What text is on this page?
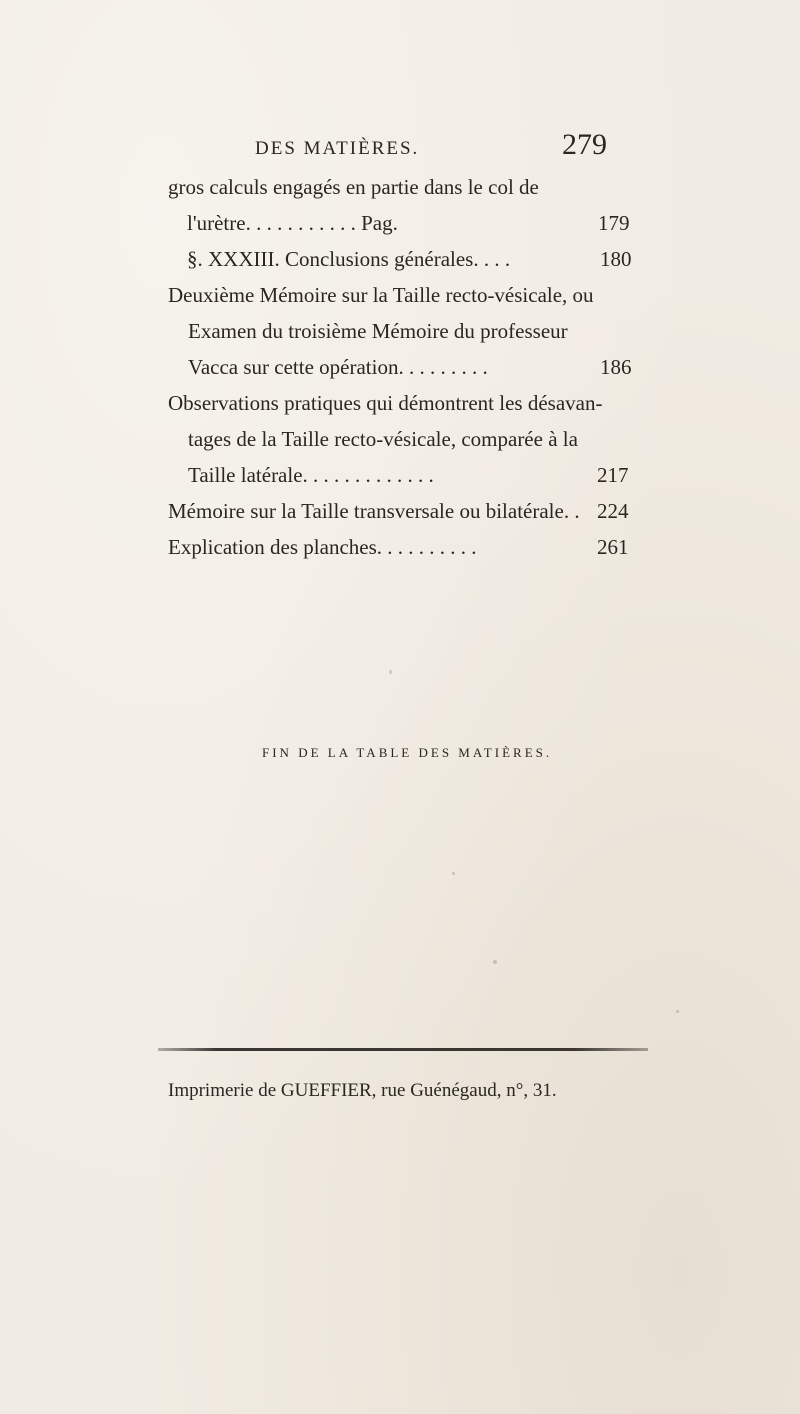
DES MATIÈRES.	279
gros calculs engagés en partie dans le col de
l'urètre. . . . . . . . . . . Pag.	179
§. XXXIII. Conclusions générales. . . .	180
Deuxième Mémoire sur la Taille recto-vésicale, ou
Examen du troisième Mémoire du professeur
Vacca sur cette opération. . . . . . . . .	186
Observations pratiques qui démontrent les désavan-
tages de la Taille recto-vésicale, comparée à la
Taille latérale. . . . . . . . . . . . .	217
Mémoire sur la Taille transversale ou bilatérale. . 224
Explication des planches. . . . . . . . . .	261
FIN DE LA TABLE DES MATIÈRES.
Imprimerie de GUEFFIER, rue Guénégaud, n°, 31.
